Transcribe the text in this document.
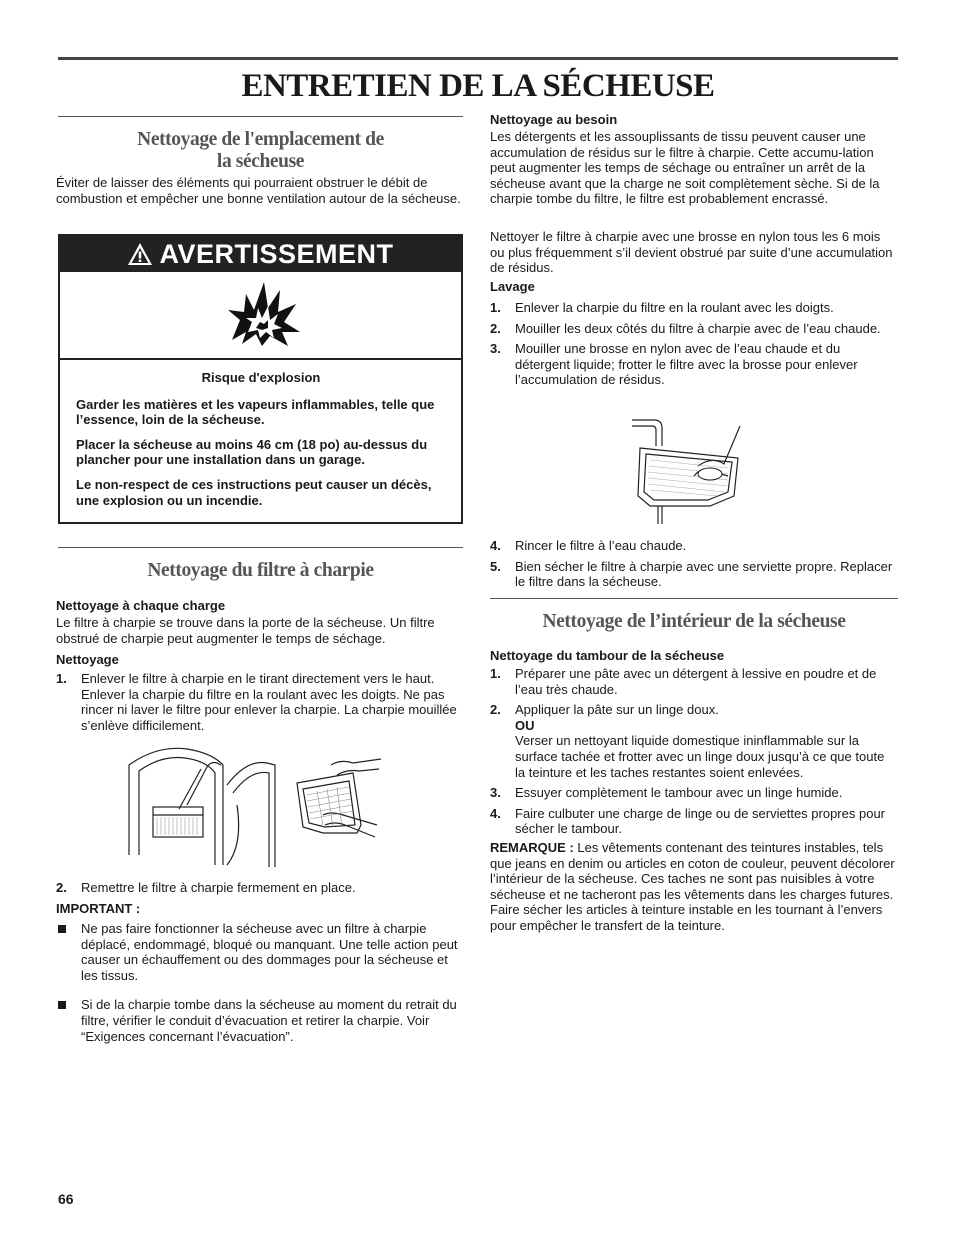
ENTRETIEN DE LA SÉCHEUSE
Nettoyage de l'emplacement de
la sécheuse

Éviter de laisser des éléments qui pourraient obstruer le débit de combustion et empêcher une bonne ventilation autour de la sécheuse.

AVERTISSEMENT

Risque d'explosion

Garder les matières et les vapeurs inflammables, telle que l’essence, loin de la sécheuse.

Placer la sécheuse au moins 46 cm (18 po) au-dessus du plancher pour une installation dans un garage.

Le non-respect de ces instructions peut causer un décès, une explosion ou un incendie.

Nettoyage du filtre à charpie

Nettoyage à chaque charge

Le filtre à charpie se trouve dans la porte de la sécheuse. Un filtre obstrué de charpie peut augmenter le temps de séchage.

Nettoyage

1. Enlever le filtre à charpie en le tirant directement vers le haut. Enlever la charpie du filtre en la roulant avec les doigts. Ne pas rincer ni laver le filtre pour enlever la charpie. La charpie mouillée s’enlève difficilement.
2. Remettre le filtre à charpie fermement en place.

IMPORTANT :

Ne pas faire fonctionner la sécheuse avec un filtre à charpie déplacé, endommagé, bloqué ou manquant. Une telle action peut causer un échauffement ou des dommages pour la sécheuse et les tissus.
Si de la charpie tombe dans la sécheuse au moment du retrait du filtre, vérifier le conduit d’évacuation et retirer la charpie. Voir “Exigences concernant l’évacuation”.

Nettoyage au besoin

Les détergents et les assouplissants de tissu peuvent causer une accumulation de résidus sur le filtre à charpie. Cette accumu-lation peut augmenter les temps de séchage ou entraîner un arrêt de la sécheuse avant que la charge ne soit complètement sèche. Si de la charpie tombe du filtre, le filtre est probablement encrassé.

Nettoyer le filtre à charpie avec une brosse en nylon tous les 6 mois ou plus fréquemment s’il devient obstrué par suite d’une accumulation de résidus.

Lavage

1. Enlever la charpie du filtre en la roulant avec les doigts.
2. Mouiller les deux côtés du filtre à charpie avec de l’eau chaude.
3. Mouiller une brosse en nylon avec de l’eau chaude et du détergent liquide; frotter le filtre avec la brosse pour enlever l’accumulation de résidus.
4. Rincer le filtre à l’eau chaude.
5. Bien sécher le filtre à charpie avec une serviette propre. Replacer le filtre dans la sécheuse.
Nettoyage de l’intérieur de la sécheuse

Nettoyage du tambour de la sécheuse

1. Préparer une pâte avec un détergent à lessive en poudre et de l’eau très chaude.
2. Appliquer la pâte sur un linge doux.
OU
Verser un nettoyant liquide domestique ininflammable sur la surface tachée et frotter avec un linge doux jusqu’à ce que toute la teinture et les taches restantes soient enlevées.
3. Essuyer complètement le tambour avec un linge humide.
4. Faire culbuter une charge de linge ou de serviettes propres pour sécher le tambour.

REMARQUE : Les vêtements contenant des teintures instables, tels que jeans en denim ou articles en coton de couleur, peuvent décolorer l’intérieur de la sécheuse. Ces taches ne sont pas nuisibles à votre sécheuse et ne tacheront pas les vêtements dans les charges futures. Faire sécher les articles à teinture instable en les tournant à l’envers pour empêcher le transfert de la teinture.

66
